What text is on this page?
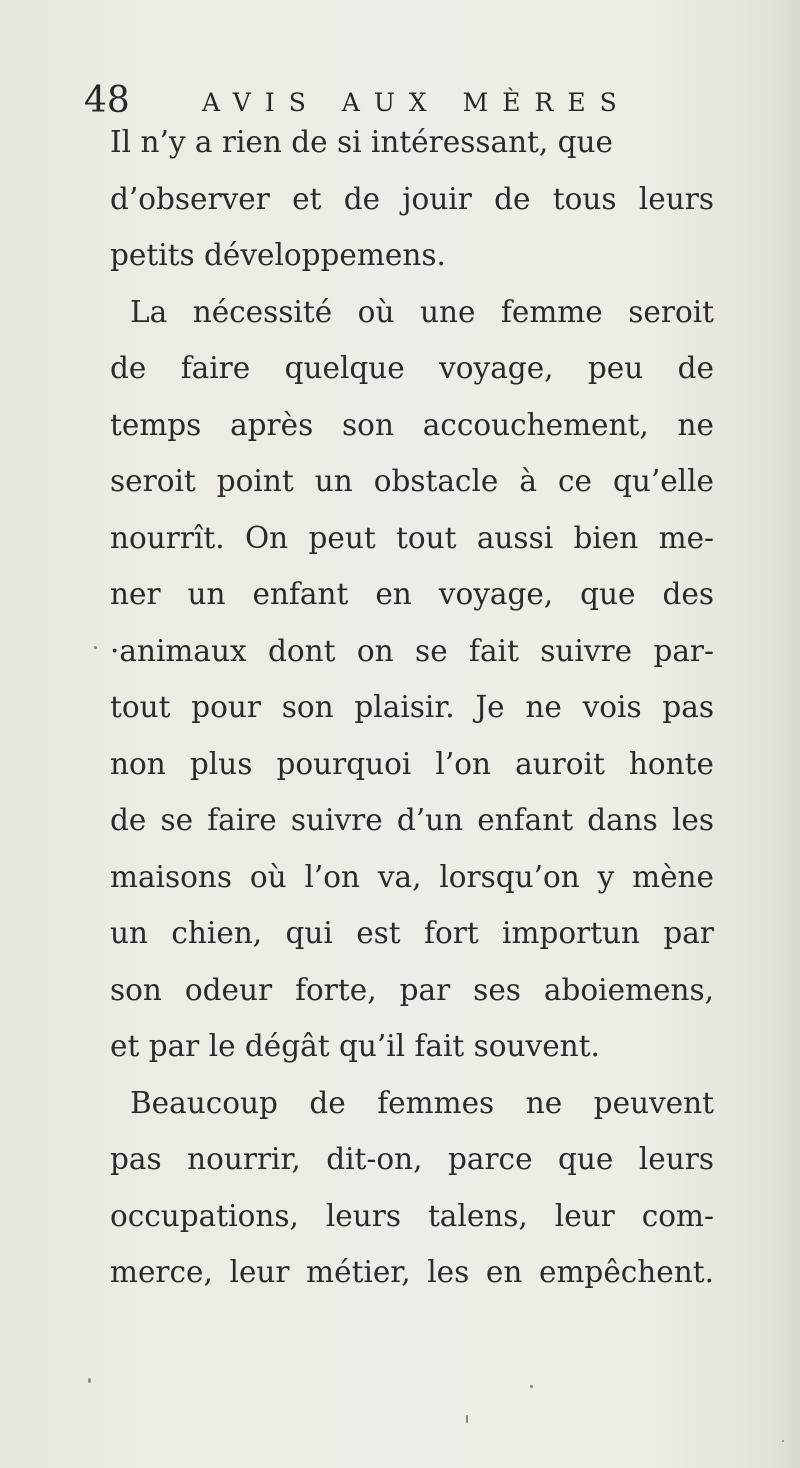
48	AVIS AUX MÈRES
Il n’y a rien de si intéressant, que
d’observer et de jouir de tous leurs
petits développemens.
La nécessité où une femme seroit
de faire quelque voyage, peu de
temps après son accouchement, ne
seroit point un obstacle à ce qu’elle
nourrît. On peut tout aussi bien me-
ner un enfant en voyage, que des
·animaux dont on se fait suivre par-
tout pour son plaisir. Je ne vois pas
non plus pourquoi l’on auroit honte
de se faire suivre d’un enfant dans les
maisons où l’on va, lorsqu’on y mène
un chien, qui est fort importun par
son odeur forte, par ses aboiemens,
et par le dégât qu’il fait souvent.
Beaucoup de femmes ne peuvent
pas nourrir, dit-on, parce que leurs
occupations, leurs talens, leur com-
merce, leur métier, les en empêchent.
